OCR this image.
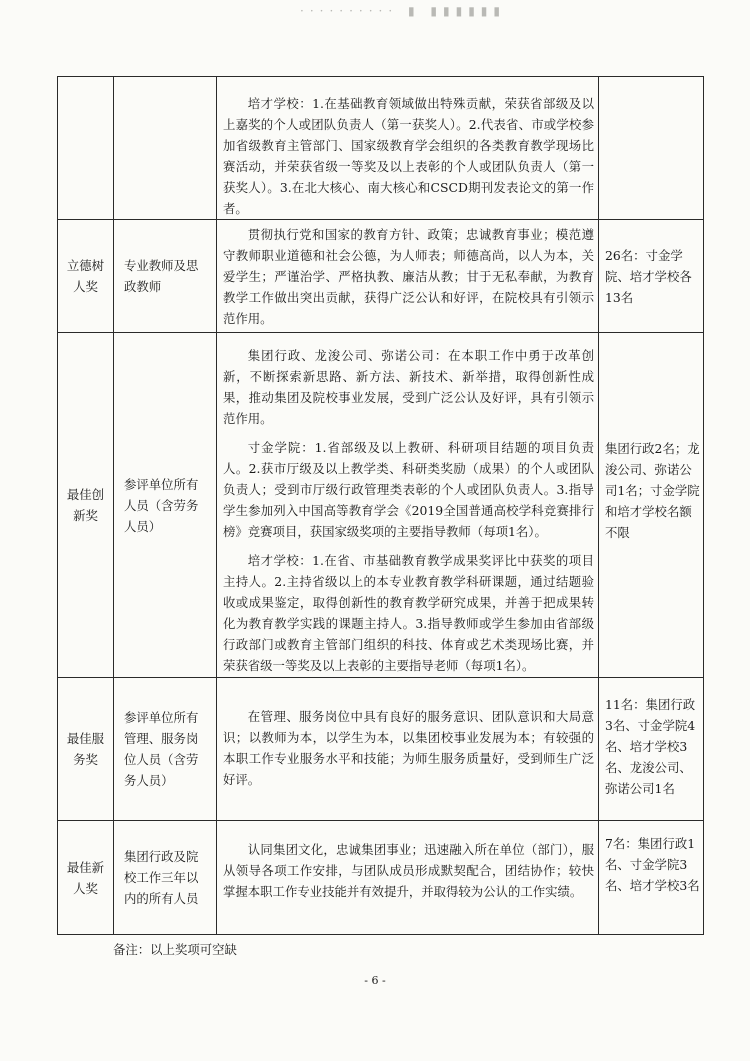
·········· ▮ ▮▮▮▮▮▮

		培才学校：1.在基础教育领域做出特殊贡献，荣获省部级及以上嘉奖的个人或团队负责人（第一获奖人）。2.代表省、市或学校参加省级教育主管部门、国家级教育学会组织的各类教育教学现场比赛活动，并荣获省级一等奖及以上表彰的个人或团队负责人（第一获奖人）。3.在北大核心、南大核心和CSCD期刊发表论文的第一作者。	

立德树人奖	专业教师及思政教师	贯彻执行党和国家的教育方针、政策；忠诚教育事业；模范遵守教师职业道德和社会公德，为人师表；师德高尚，以人为本，关爱学生；严谨治学、严格执教、廉洁从教；甘于无私奉献，为教育教学工作做出突出贡献，获得广泛公认和好评，在院校具有引领示范作用。	26名：寸金学院、培才学校各13名
最佳创新奖	参评单位所有人员（含劳务人员）	集团行政、龙浚公司、弥诺公司：在本职工作中勇于改革创新，不断探索新思路、新方法、新技术、新举措，取得创新性成果，推动集团及院校事业发展，受到广泛公认及好评，具有引领示范作用。

寸金学院：1.省部级及以上教研、科研项目结题的项目负责人。2.获市厅级及以上教学类、科研类奖励（成果）的个人或团队负责人；受到市厅级行政管理类表彰的个人或团队负责人。3.指导学生参加列入中国高等教育学会《2019全国普通高校学科竞赛排行榜》竞赛项目，获国家级奖项的主要指导教师（每项1名）。

培才学校：1.在省、市基础教育教学成果奖评比中获奖的项目主持人。2.主持省级以上的本专业教育教学科研课题，通过结题验收或成果鉴定，取得创新性的教育教学研究成果，并善于把成果转化为教育教学实践的课题主持人。3.指导教师或学生参加由省部级行政部门或教育主管部门组织的科技、体育或艺术类现场比赛，并荣获省级一等奖及以上表彰的主要指导老师（每项1名）。	集团行政2名；龙浚公司、弥诺公司1名；寸金学院和培才学校名额不限
最佳服务奖	参评单位所有管理、服务岗位人员（含劳务人员）	在管理、服务岗位中具有良好的服务意识、团队意识和大局意识；以教师为本，以学生为本，以集团校事业发展为本；有较强的本职工作专业服务水平和技能；为师生服务质量好，受到师生广泛好评。	11名：集团行政3名、寸金学院4名、培才学校3名、龙浚公司、弥诺公司1名
最佳新人奖	集团行政及院校工作三年以内的所有人员	认同集团文化，忠诚集团事业；迅速融入所在单位（部门），服从领导各项工作安排，与团队成员形成默契配合，团结协作；较快掌握本职工作专业技能并有效提升，并取得较为公认的工作实绩。	7名：集团行政1名、寸金学院3名、培才学校3名
备注：以上奖项可空缺
- 6 -
